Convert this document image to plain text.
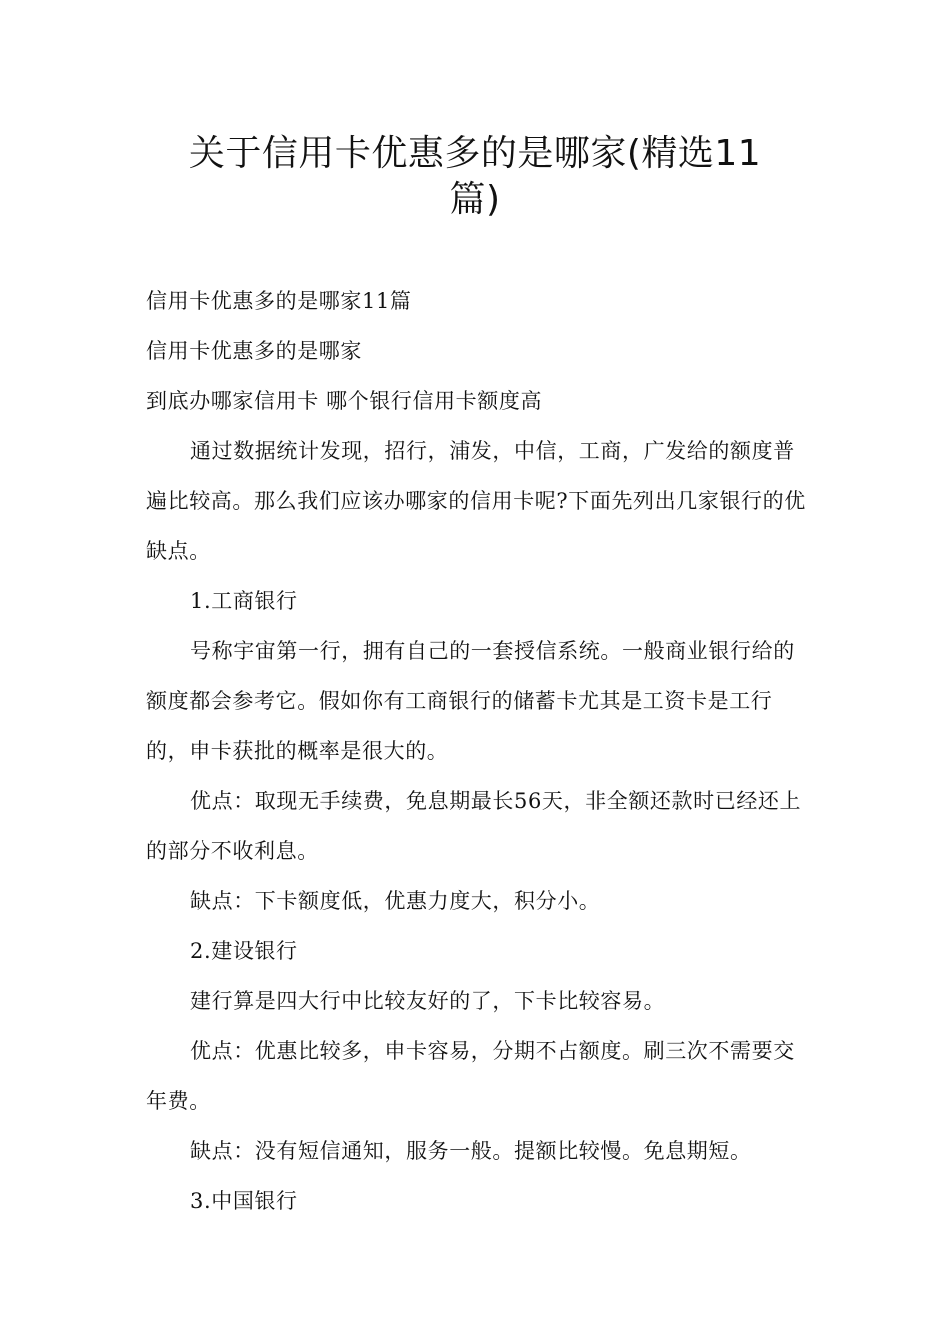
关于信用卡优惠多的是哪家(精选11
篇)

信用卡优惠多的是哪家11篇

信用卡优惠多的是哪家

到底办哪家信用卡 哪个银行信用卡额度高

通过数据统计发现，招行，浦发，中信，工商，广发给的额度普遍比较高。那么我们应该办哪家的信用卡呢?下面先列出几家银行的优缺点。

1.工商银行

号称宇宙第一行，拥有自己的一套授信系统。一般商业银行给的额度都会参考它。假如你有工商银行的储蓄卡尤其是工资卡是工行的，申卡获批的概率是很大的。

优点：取现无手续费，免息期最长56天，非全额还款时已经还上的部分不收利息。

缺点：下卡额度低，优惠力度大，积分小。

2.建设银行

建行算是四大行中比较友好的了，下卡比较容易。

优点：优惠比较多，申卡容易，分期不占额度。刷三次不需要交年费。

缺点：没有短信通知，服务一般。提额比较慢。免息期短。

3.中国银行
